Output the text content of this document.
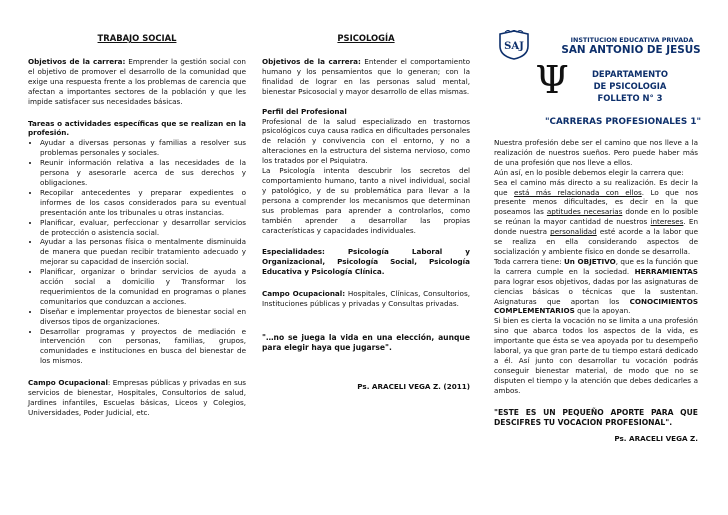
TRABAJO SOCIAL

Objetivos de la carrera: Emprender la gestión social con el objetivo de promover el desarrollo de la comunidad que exige una respuesta frente a los problemas de carencia que afectan a importantes sectores de la población y que les impide satisfacer sus necesidades básicas.

Tareas o actividades específicas que se realizan en la profesión.

• Ayudar a diversas personas y familias a resolver sus problemas personales y sociales.
• Reunir información relativa a las necesidades de la persona y asesorarle acerca de sus derechos y obligaciones.
• Recopilar antecedentes y preparar expedientes o informes de los casos considerados para su eventual presentación ante los tribunales u otras instancias.
• Planificar, evaluar, perfeccionar y desarrollar servicios de protección o asistencia social.
• Ayudar a las personas física o mentalmente disminuida de manera que puedan recibir tratamiento adecuado y mejorar su capacidad de inserción social.
• Planificar, organizar o brindar servicios de ayuda a acción social a domicilio y Transformar los requerimientos de la comunidad en programas o planes comunitarios que conduzcan a acciones.
• Diseñar e implementar proyectos de bienestar social en diversos tipos de organizaciones.
• Desarrollar programas y proyectos de mediación e intervención con personas, familias, grupos, comunidades e instituciones en busca del bienestar de los mismos.

Campo Ocupacional: Empresas públicas y privadas en sus servicios de bienestar, Hospitales, Consultorios de salud, Jardines infantiles, Escuelas básicas, Liceos y Colegios, Universidades, Poder Judicial, etc.

PSICOLOGÍA

Objetivos de la carrera: Entender el comportamiento humano y los pensamientos que lo generan; con la finalidad de lograr en las personas salud mental, bienestar Psicosocial y mayor desarrollo de ellas mismas.

Perfil del Profesional

Profesional de la salud especializado en trastornos psicológicos cuya causa radica en dificultades personales de relación y convivencia con el entorno, y no a alteraciones en la estructura del sistema nervioso, como los tratados por el Psiquiatra.

La Psicología intenta descubrir los secretos del comportamiento humano, tanto a nivel individual, social y patológico, y de su problemática para llevar a la persona a comprender los mecanismos que determinan sus problemas para aprender a controlarlos, como también aprender a desarrollar las propias características y capacidades individuales.

Especialidades: Psicología Laboral y Organizacional, Psicología Social, Psicología Educativa y Psicología Clínica.

Campo Ocupacional: Hospitales, Clínicas, Consultorios, Instituciones públicas y privadas y Consultas privadas.

"…no se juega la vida en una elección, aunque para elegir haya que jugarse".

Ps. ARACELI VEGA Z. (2011)

SAJ
Ψ
INSTITUCION EDUCATIVA PRIVADA
SAN ANTONIO DE JESUS
DEPARTAMENTO
DE PSICOLOGIA
FOLLETO N° 3
"CARRERAS PROFESIONALES 1"

Nuestra profesión debe ser el camino que nos lleve a la realización de nuestros sueños. Pero puede haber más de una profesión que nos lleve a ellos.

Aún así, en lo posible debemos elegir la carrera que:

Sea el camino más directo a su realización. Es decir la que está más relacionada con ellos. Lo que nos presente menos dificultades, es decir en la que poseamos las aptitudes necesarias donde en lo posible se reúnan la mayor cantidad de nuestros intereses. En donde nuestra personalidad esté acorde a la labor que se realiza en ella considerando aspectos de socialización y ambiente físico en donde se desarrolla.

Toda carrera tiene: Un OBJETIVO, que es la función que la carrera cumple en la sociedad. HERRAMIENTAS para lograr esos objetivos, dadas por las asignaturas de ciencias básicas o técnicas que la sustentan. Asignaturas que aportan los CONOCIMIENTOS COMPLEMENTARIOS que la apoyan.

Si bien es cierta la vocación no se limita a una profesión sino que abarca todos los aspectos de la vida, es importante que ésta se vea apoyada por tu desempeño laboral, ya que gran parte de tu tiempo estará dedicado a él. Así junto con desarrollar tu vocación podrás conseguir bienestar material, de modo que no se disputen el tiempo y la atención que debes dedicarles a ambos.

"ESTE ES UN PEQUEÑO APORTE PARA QUE DESCIFRES TU VOCACION PROFESIONAL".

Ps. ARACELI VEGA Z.
